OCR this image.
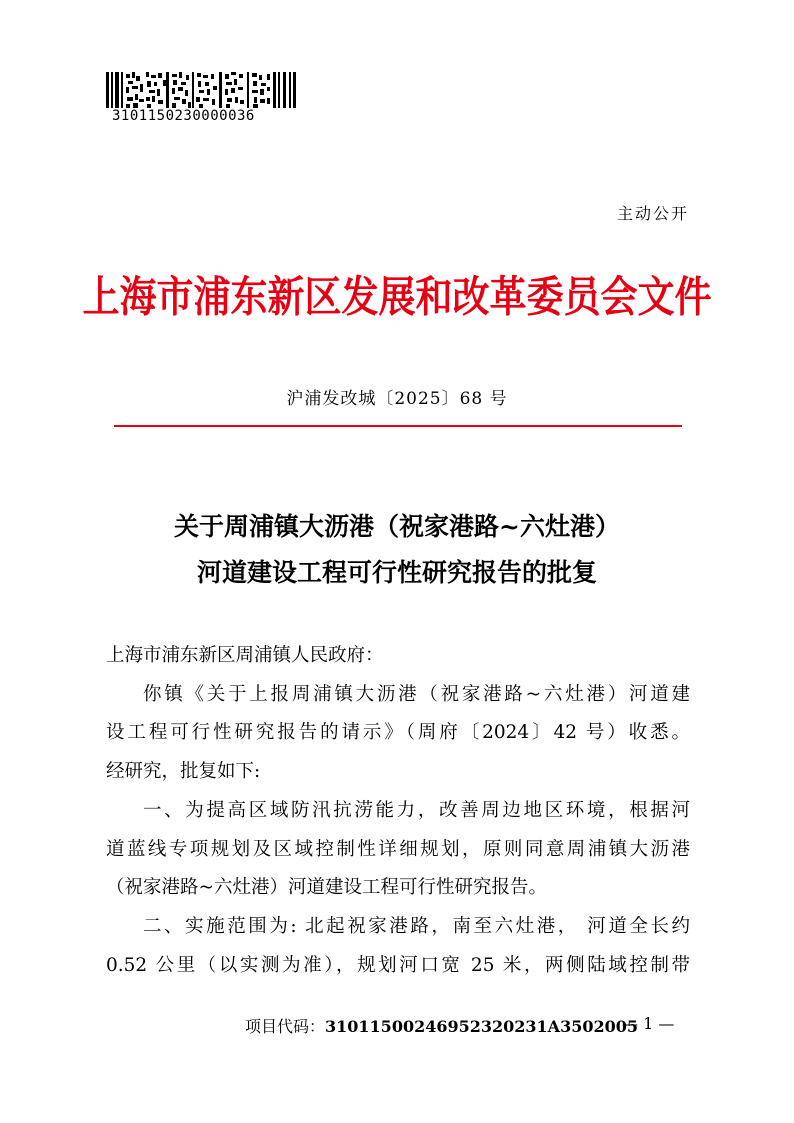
3101150230000036
主动公开
上海市浦东新区发展和改革委员会文件
沪浦发改城〔2025〕68 号
关于周浦镇大沥港（祝家港路~六灶港）
河道建设工程可行性研究报告的批复
上海市浦东新区周浦镇人民政府：
你镇《关于上报周浦镇大沥港（祝家港路~六灶港）河道建
设工程可行性研究报告的请示》（周府〔2024〕42 号）收悉。
经研究，批复如下:
一、为提高区域防汛抗涝能力，改善周边地区环境，根据河
道蓝线专项规划及区域控制性详细规划，原则同意周浦镇大沥港
（祝家港路~六灶港）河道建设工程可行性研究报告。
二、实施范围为: 北起祝家港路，南至六灶港， 河道全长约
0.52 公里（以实测为准），规划河口宽 25 米，两侧陆域控制带
项目代码：31011500246952320231A3502005
— 1 —
